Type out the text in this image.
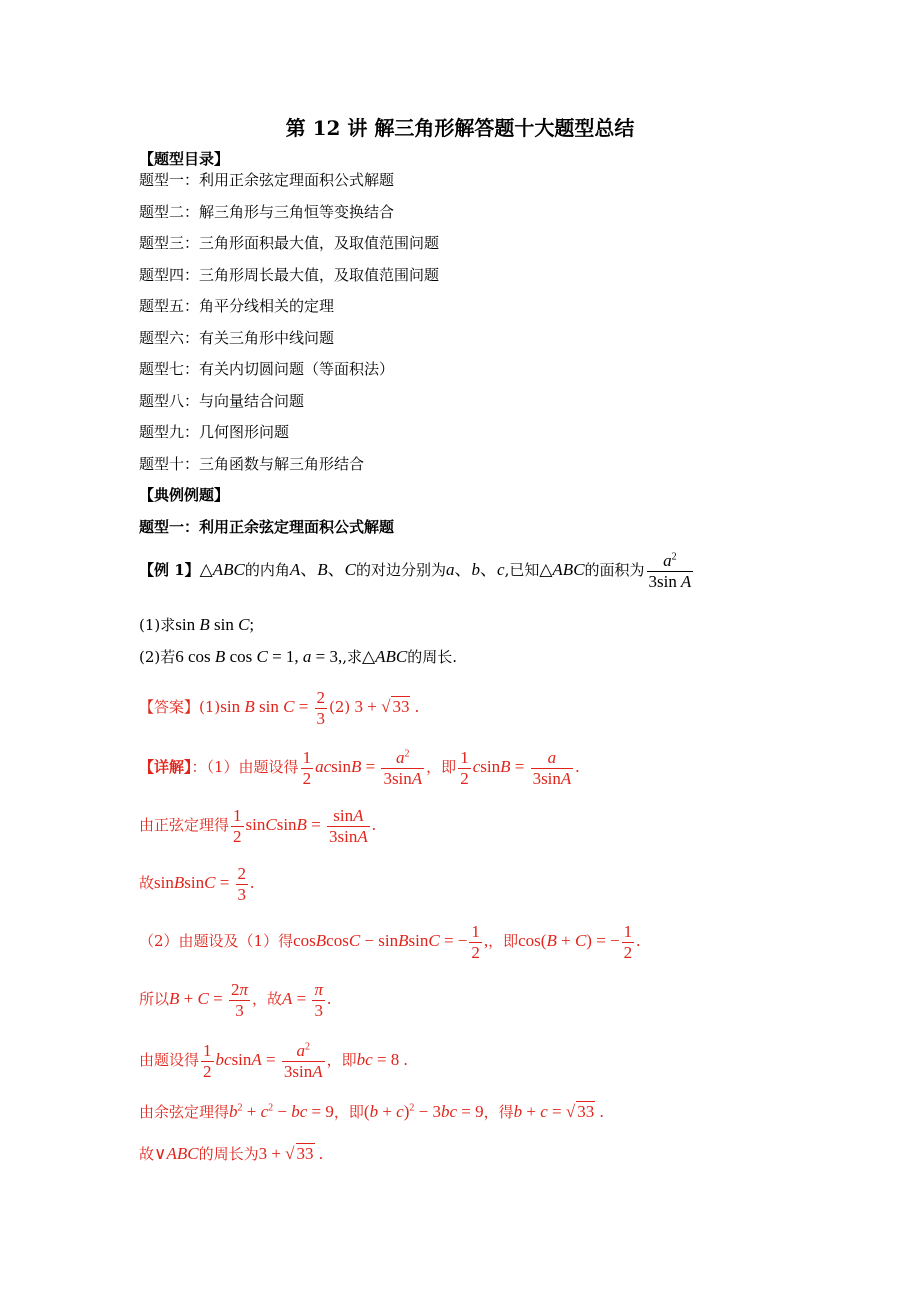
第 12 讲 解三角形解答题十大题型总结
【题型目录】
题型一：利用正余弦定理面积公式解题
题型二：解三角形与三角恒等变换结合
题型三：三角形面积最大值，及取值范围问题
题型四：三角形周长最大值，及取值范围问题
题型五：角平分线相关的定理
题型六：有关三角形中线问题
题型七：有关内切圆问题（等面积法）
题型八：与向量结合问题
题型九：几何图形问题
题型十：三角函数与解三角形结合
【典例例题】
题型一：利用正余弦定理面积公式解题
【例 1】△ABC的内角A、B、C的对边分别为a、b、c,已知△ABC的面积为 $\frac{a^2}{\text{3sin A}}$
(1)求sin B sin C;
(2)若6 cos B cos C = 1, a = 3,,求△ABC的周长.
【答案】(1)sin B $\sin C = \frac{2}{3} (2) 3$ + √ 33 .
【详解】：（1）由题设得 $\frac{1}{2}$ $acsinB = \frac{a^2}{3\sin A}$ ，即 $\frac{1}{2}$ $csinB = \frac{a}{3\sin A}$ .
由正弦定理得 $\frac{1}{2}$ sinCsinB = $\frac{\sin A}{3\sin A}$ .
故sinBsinC = $\frac{2}{3}$ .
（2）由题设及（1）得cosBcosC − sinBsinC = − $\frac{1}{2}$ ,，即cos(B + C) = − $\frac{1}{2}$ .
所以$B + C = \frac{2\pi}{3}$ ，故$A = \frac{\pi}{3}$ .
由题设得 $\frac{1}{2}$ $bcsinA = \frac{a^2}{3\sin A}$ ，即bc = 8 .
由余弦定理得$b^2 + c^2$ − bc = 9，即$(b + c)^2 - 3bc = 9$，得b + c = √ 33 .
故∨ABC的周长为3 + √ 33 .
